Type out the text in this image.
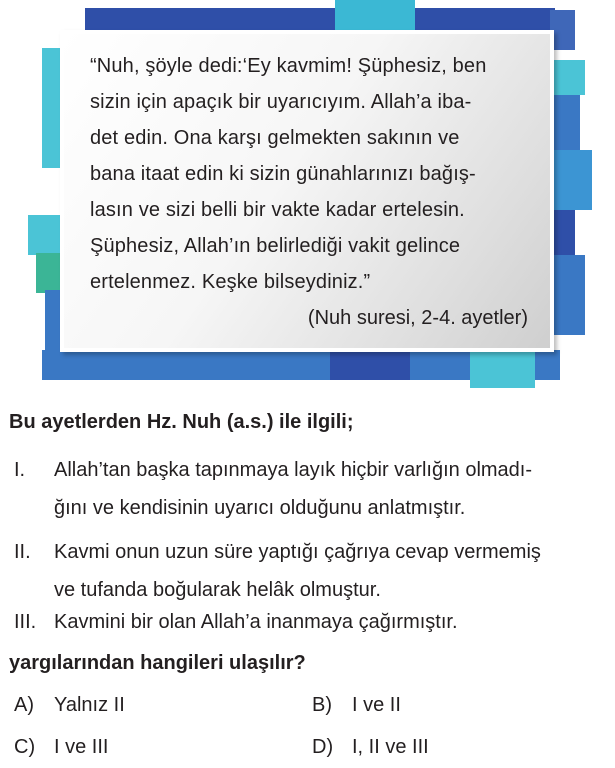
“Nuh, şöyle dedi:‘Ey kavmim! Şüphesiz, ben
sizin için apaçık bir uyarıcıyım. Allah’a iba-
det edin. Ona karşı gelmekten sakının ve
bana itaat edin ki sizin günahlarınızı bağış-
lasın ve sizi belli bir vakte kadar ertelesin.
Şüphesiz, Allah’ın belirlediği vakit gelince
ertelenmez. Keşke bilseydiniz.”
(Nuh suresi, 2-4. ayetler)
Bu ayetlerden Hz. Nuh (a.s.) ile ilgili;
I. Allah’tan başka tapınmaya layık hiçbir varlığın olmadı-
ğını ve kendisinin uyarıcı olduğunu anlatmıştır.
II. Kavmi onun uzun süre yaptığı çağrıya cevap vermemiş
ve tufanda boğularak helâk olmuştur.
III. Kavmini bir olan Allah’a inanmaya çağırmıştır.
yargılarından hangileri ulaşılır?
A) Yalnız II	B) I ve II
C) I ve III	D) I, II ve III
